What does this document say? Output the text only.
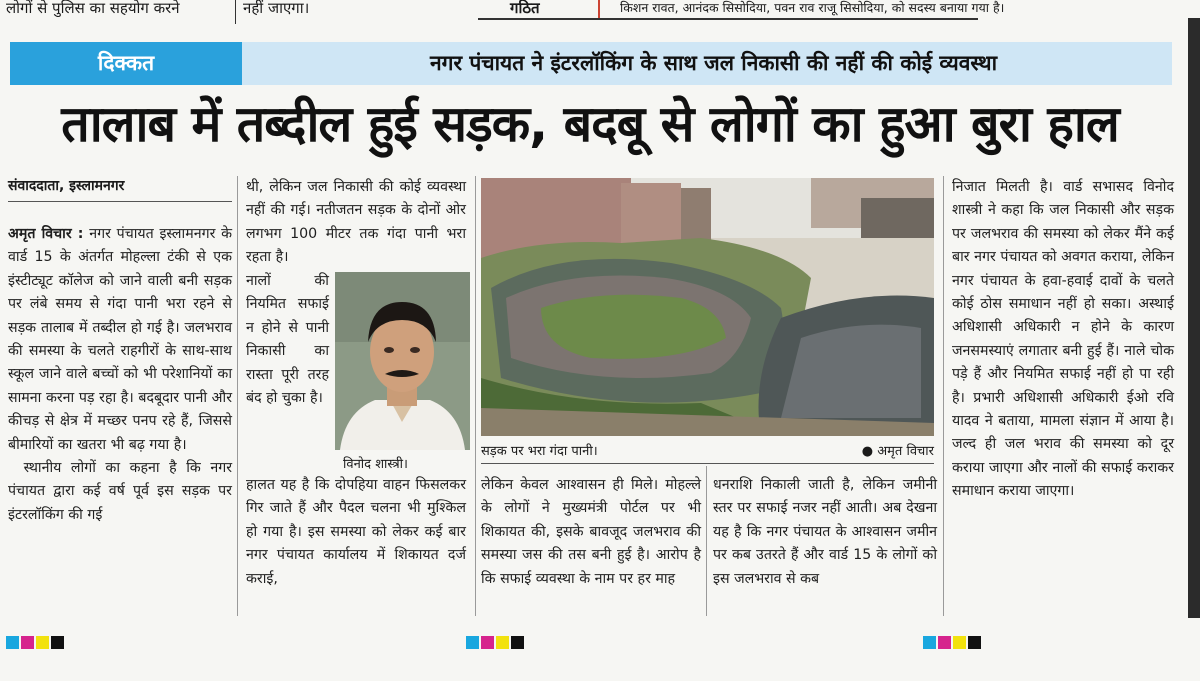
लोगों से पुलिस का सहयोग करने	नहीं जाएगा।	गठित	किशन रावत, आनंदक सिसोदिया, पवन राव राजू सिसोदिया, को सदस्य बनाया गया है।
दिक्कत	नगर पंचायत ने इंटरलॉकिंग के साथ जल निकासी की नहीं की कोई व्यवस्था
तालाब में तब्दील हुई सड़क, बदबू से लोगों का हुआ बुरा हाल
संवाददाता, इस्लामनगर

अमृत विचार : नगर पंचायत इस्लामनगर के वार्ड 15 के अंतर्गत मोहल्ला टंकी से एक इंस्टीट्यूट कॉलेज को जाने वाली बनी सड़क पर लंबे समय से गंदा पानी भरा रहने से सड़क तालाब में तब्दील हो गई है। जलभराव की समस्या के चलते राहगीरों के साथ-साथ स्कूल जाने वाले बच्चों को भी परेशानियों का सामना करना पड़ रहा है। बदबूदार पानी और कीचड़ से क्षेत्र में मच्छर पनप रहे हैं, जिससे बीमारियों का खतरा भी बढ़ गया है।

स्थानीय लोगों का कहना है कि नगर पंचायत द्वारा कई वर्ष पूर्व इस सड़क पर इंटरलॉकिंग की गई

थी, लेकिन जल निकासी की कोई व्यवस्था नहीं की गई। नतीजतन सड़क के दोनों ओर लगभग 100 मीटर तक गंदा पानी भरा रहता है।
नालों की नियमित सफाई न होने से पानी निकासी का रास्ता पूरी तरह बंद हो चुका है।
हालत यह है कि दोपहिया वाहन फिसलकर गिर जाते हैं और पैदल चलना भी मुश्किल हो गया है। इस समस्या को लेकर कई बार नगर पंचायत कार्यालय में शिकायत दर्ज कराई,
विनोद शास्त्री।
सड़क पर भरा गंदा पानी।	● अमृत विचार
लेकिन केवल आश्वासन ही मिले। मोहल्ले के लोगों ने मुख्यमंत्री पोर्टल पर भी शिकायत की, इसके बावजूद जलभराव की समस्या जस की तस बनी हुई है। आरोप है कि सफाई व्यवस्था के नाम पर हर माह
धनराशि निकाली जाती है, लेकिन जमीनी स्तर पर सफाई नजर नहीं आती। अब देखना यह है कि नगर पंचायत के आश्वासन जमीन पर कब उतरते हैं और वार्ड 15 के लोगों को इस जलभराव से कब
निजात मिलती है। वार्ड सभासद विनोद शास्त्री ने कहा कि जल निकासी और सड़क पर जलभराव की समस्या को लेकर मैंने कई बार नगर पंचायत को अवगत कराया, लेकिन नगर पंचायत के हवा-हवाई दावों के चलते कोई ठोस समाधान नहीं हो सका। अस्थाई अधिशासी अधिकारी न होने के कारण जनसमस्याएं लगातार बनी हुई हैं। नाले चोक पड़े हैं और नियमित सफाई नहीं हो पा रही है। प्रभारी अधिशासी अधिकारी ईओ रवि यादव ने बताया, मामला संज्ञान में आया है। जल्द ही जल भराव की समस्या को दूर कराया जाएगा और नालों की सफाई कराकर समाधान कराया जाएगा।
